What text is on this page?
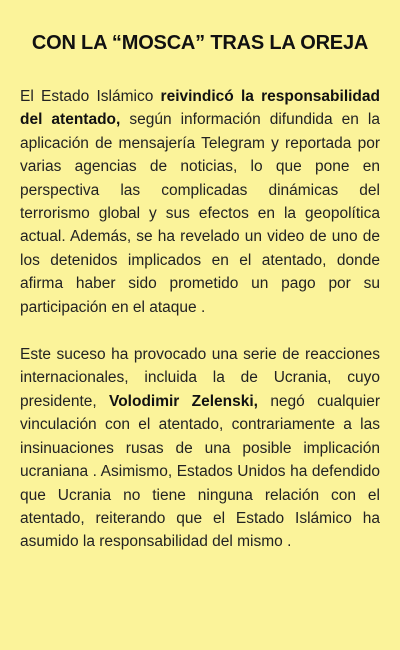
CON LA “MOSCA” TRAS LA OREJA

El Estado Islámico reivindicó la responsabilidad del atentado, según información difundida en la aplicación de mensajería Telegram y reportada por varias agencias de noticias, lo que pone en perspectiva las complicadas dinámicas del terrorismo global y sus efectos en la geopolítica actual. Además, se ha revelado un video de uno de los detenidos implicados en el atentado, donde afirma haber sido prometido un pago por su participación en el ataque .

Este suceso ha provocado una serie de reacciones internacionales, incluida la de Ucrania, cuyo presidente, Volodimir Zelenski, negó cualquier vinculación con el atentado, contrariamente a las insinuaciones rusas de una posible implicación ucraniana . Asimismo, Estados Unidos ha defendido que Ucrania no tiene ninguna relación con el atentado, reiterando que el Estado Islámico ha asumido la responsabilidad del mismo .
